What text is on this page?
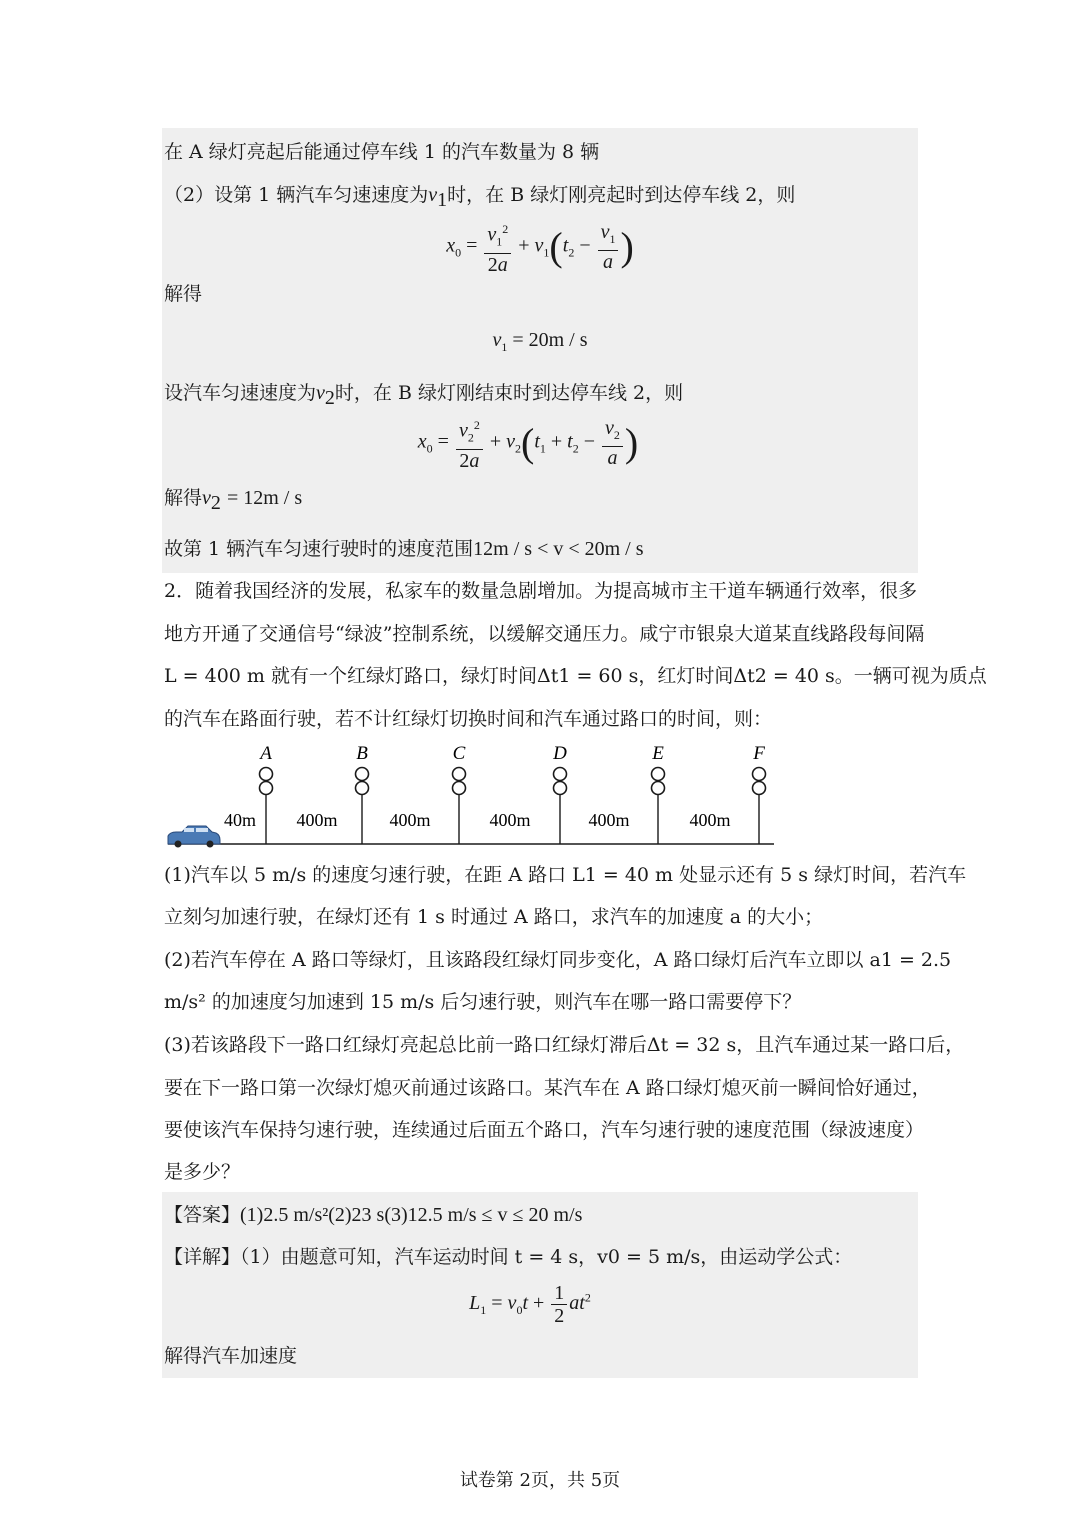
在 A 绿灯亮起后能通过停车线 1 的汽车数量为 8 辆
（2）设第 1 辆汽车匀速速度为$v_1$时，在 B 绿灯刚亮起时到达停车线 2，则
$x_0 = \frac{v_1^2}{2a} + v_1(t_2 - \frac{v_1}{a}$ )
解得
$v_1 = 20m / s$
设汽车匀速速度为$v_2$时，在 B 绿灯刚结束时到达停车线 2，则
$x_0 = \frac{v_2^2}{2a} + v_2(t_1 + t_2 - \frac{v_2}{a}$ )
解得$v_2 = 12m / s$
故第 1 辆汽车匀速行驶时的速度范围12m / s < v < 20m / s
2．随着我国经济的发展，私家车的数量急剧增加。为提高城市主干道车辆通行效率，很多
地方开通了交通信号“绿波”控制系统，以缓解交通压力。咸宁市银泉大道某直线路段每间隔
L = 400 m 就有一个红绿灯路口，绿灯时间Δt1 = 60 s，红灯时间Δt2 = 40 s。一辆可视为质点
的汽车在路面行驶，若不计红绿灯切换时间和汽车通过路口的时间，则：
A	B	C	D	E	F
40m 400m	400m	400m	400m	400m
(1)汽车以 5 m/s 的速度匀速行驶，在距 A 路口 L1 = 40 m 处显示还有 5 s 绿灯时间，若汽车
立刻匀加速行驶，在绿灯还有 1 s 时通过 A 路口，求汽车的加速度 a 的大小；
(2)若汽车停在 A 路口等绿灯，且该路段红绿灯同步变化，A 路口绿灯后汽车立即以 a1 = 2.5
m/s² 的加速度匀加速到 15 m/s 后匀速行驶，则汽车在哪一路口需要停下？
(3)若该路段下一路口红绿灯亮起总比前一路口红绿灯滞后Δt = 32 s，且汽车通过某一路口后，
要在下一路口第一次绿灯熄灭前通过该路口。某汽车在 A 路口绿灯熄灭前一瞬间恰好通过，
要使该汽车保持匀速行驶，连续通过后面五个路口，汽车匀速行驶的速度范围（绿波速度）
是多少？
【答案】(1)2.5 m/s²(2)23 s(3)12.5 m/s ≤ v ≤ 20 m/s
【详解】（1）由题意可知，汽车运动时间 t = 4 s，v0 = 5 m/s，由运动学公式：
$L_1 = v_0t + \frac{1}{2} at^2$
解得汽车加速度
试卷第 2页，共 5页
